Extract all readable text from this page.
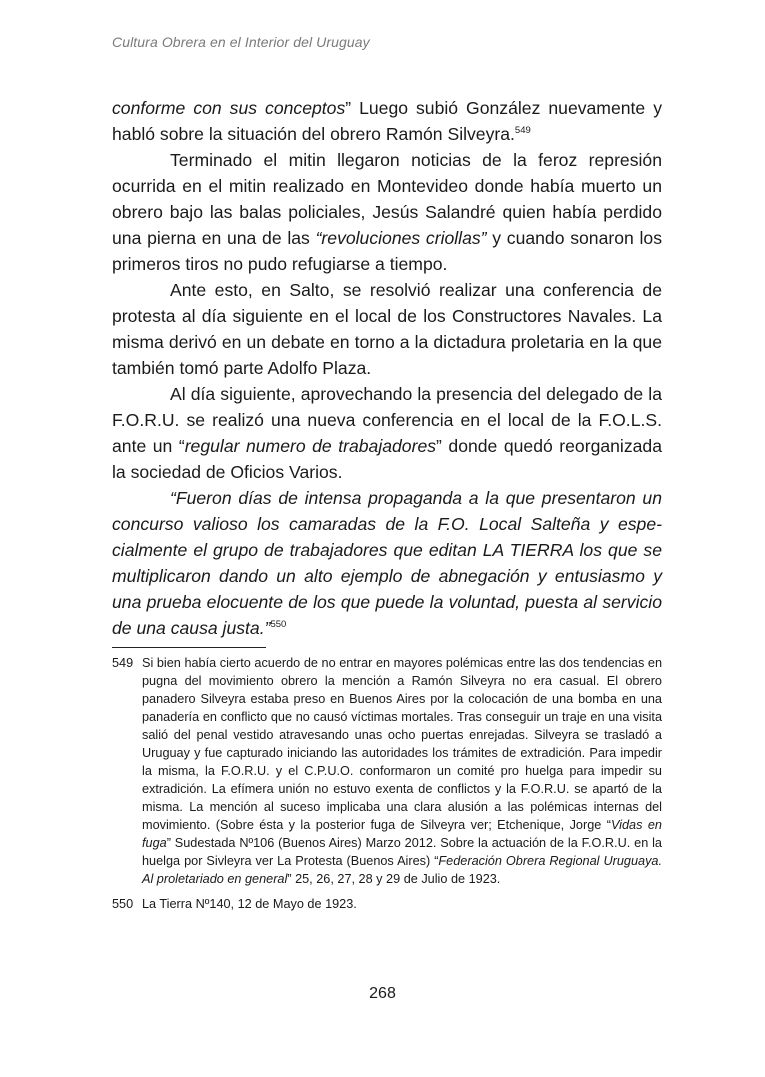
Cultura Obrera en el Interior del Uruguay

conforme con sus conceptos” Luego subió González nuevamente y habló sobre la situación del obrero Ramón Silveyra.$^{549}$

Terminado el mitin llegaron noticias de la feroz represión ocurrida en el mitin realizado en Montevideo donde había muerto un obrero bajo las balas policiales, Jesús Salandré quien había perdido una pierna en una de las “revoluciones criollas” y cuando sonaron los primeros tiros no pudo refugiarse a tiempo.

Ante esto, en Salto, se resolvió realizar una conferencia de protesta al día siguiente en el local de los Constructores Navales. La misma derivó en un debate en torno a la dictadura proletaria en la que también tomó parte Adolfo Plaza.

Al día siguiente, aprovechando la presencia del delegado de la F.O.R.U. se realizó una nueva conferencia en el local de la F.O.L.S. ante un “regular numero de trabajadores” donde quedó reorganizada la sociedad de Oficios Varios.

“Fueron días de intensa propaganda a la que presentaron un concurso valioso los camaradas de la F.O. Local Salteña y especialmente el grupo de trabajadores que editan LA TIERRA los que se multiplicaron dando un alto ejemplo de abnegación y entusiasmo y una prueba elocuente de los que puede la voluntad, puesta al servicio de una causa justa.”$^{550}$

549 Si bien había cierto acuerdo de no entrar en mayores polémicas entre las dos tendencias en pugna del movimiento obrero la mención a Ramón Silveyra no era casual. El obrero panadero Silveyra estaba preso en Buenos Aires por la colocación de una bomba en una panadería en conflicto que no causó víctimas mortales. Tras conseguir un traje en una visita salió del penal vestido atravesando unas ocho puertas enrejadas. Silveyra se trasladó a Uruguay y fue capturado iniciando las autoridades los trámites de extradición. Para impedir la misma, la F.O.R.U. y el C.P.U.O. conformaron un comité pro huelga para impedir su extradición. La efímera unión no estuvo exenta de conflictos y la F.O.R.U. se apartó de la misma. La mención al suceso implicaba una clara alusión a las polémicas internas del movimiento. (Sobre ésta y la posterior fuga de Silveyra ver; Etchenique, Jorge “Vidas en fuga” Sudestada Nº106 (Buenos Aires) Marzo 2012. Sobre la actuación de la F.O.R.U. en la huelga por Sivleyra ver La Protesta (Buenos Aires) “Federación Obrera Regional Uruguaya. Al proletariado en general” 25, 26, 27, 28 y 29 de Julio de 1923.
550 La Tierra Nº140, 12 de Mayo de 1923.
268
